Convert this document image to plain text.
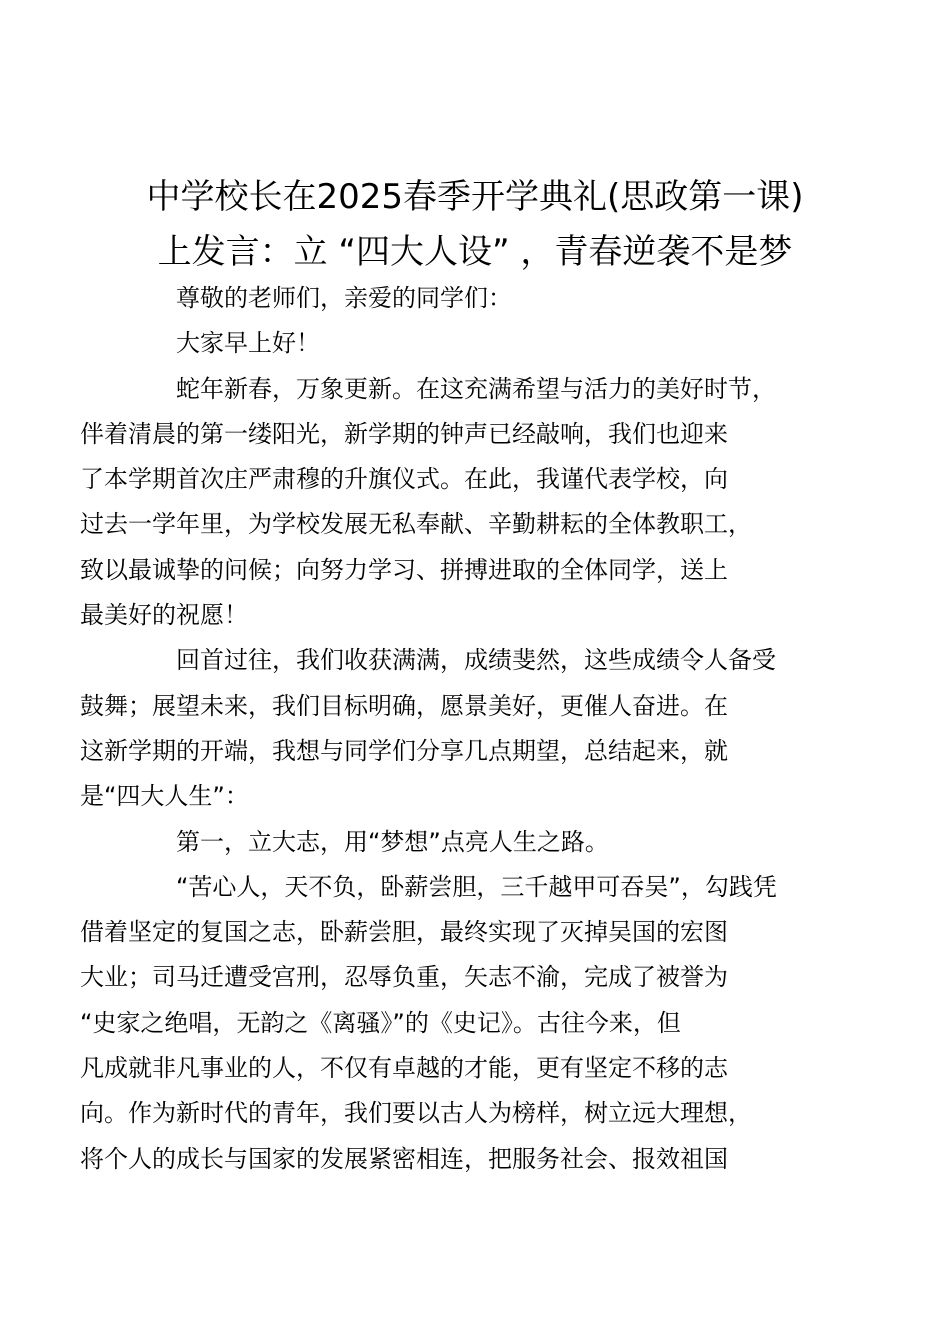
中学校长在2025春季开学典礼(思政第一课)
上发言：立 “四大人设” ，青春逆袭不是梦

尊敬的老师们，亲爱的同学们：

大家早上好！

蛇年新春，万象更新。在这充满希望与活力的美好时节，
伴着清晨的第一缕阳光，新学期的钟声已经敲响，我们也迎来
了本学期首次庄严肃穆的升旗仪式。在此，我谨代表学校，向
过去一学年里，为学校发展无私奉献、辛勤耕耘的全体教职工，
致以最诚挚的问候；向努力学习、拼搏进取的全体同学，送上
最美好的祝愿！

回首过往，我们收获满满，成绩斐然，这些成绩令人备受
鼓舞；展望未来，我们目标明确，愿景美好，更催人奋进。在
这新学期的开端，我想与同学们分享几点期望，总结起来，就
是“四大人生”：

第一，立大志，用“梦想”点亮人生之路。

“苦心人，天不负，卧薪尝胆，三千越甲可吞吴”，勾践凭
借着坚定的复国之志，卧薪尝胆，最终实现了灭掉吴国的宏图
大业；司马迁遭受宫刑，忍辱负重，矢志不渝，完成了被誉为
“史家之绝唱，无韵之《离骚》”的《史记》。古往今来，但
凡成就非凡事业的人，不仅有卓越的才能，更有坚定不移的志
向。作为新时代的青年，我们要以古人为榜样，树立远大理想，
将个人的成长与国家的发展紧密相连，把服务社会、报效祖国
